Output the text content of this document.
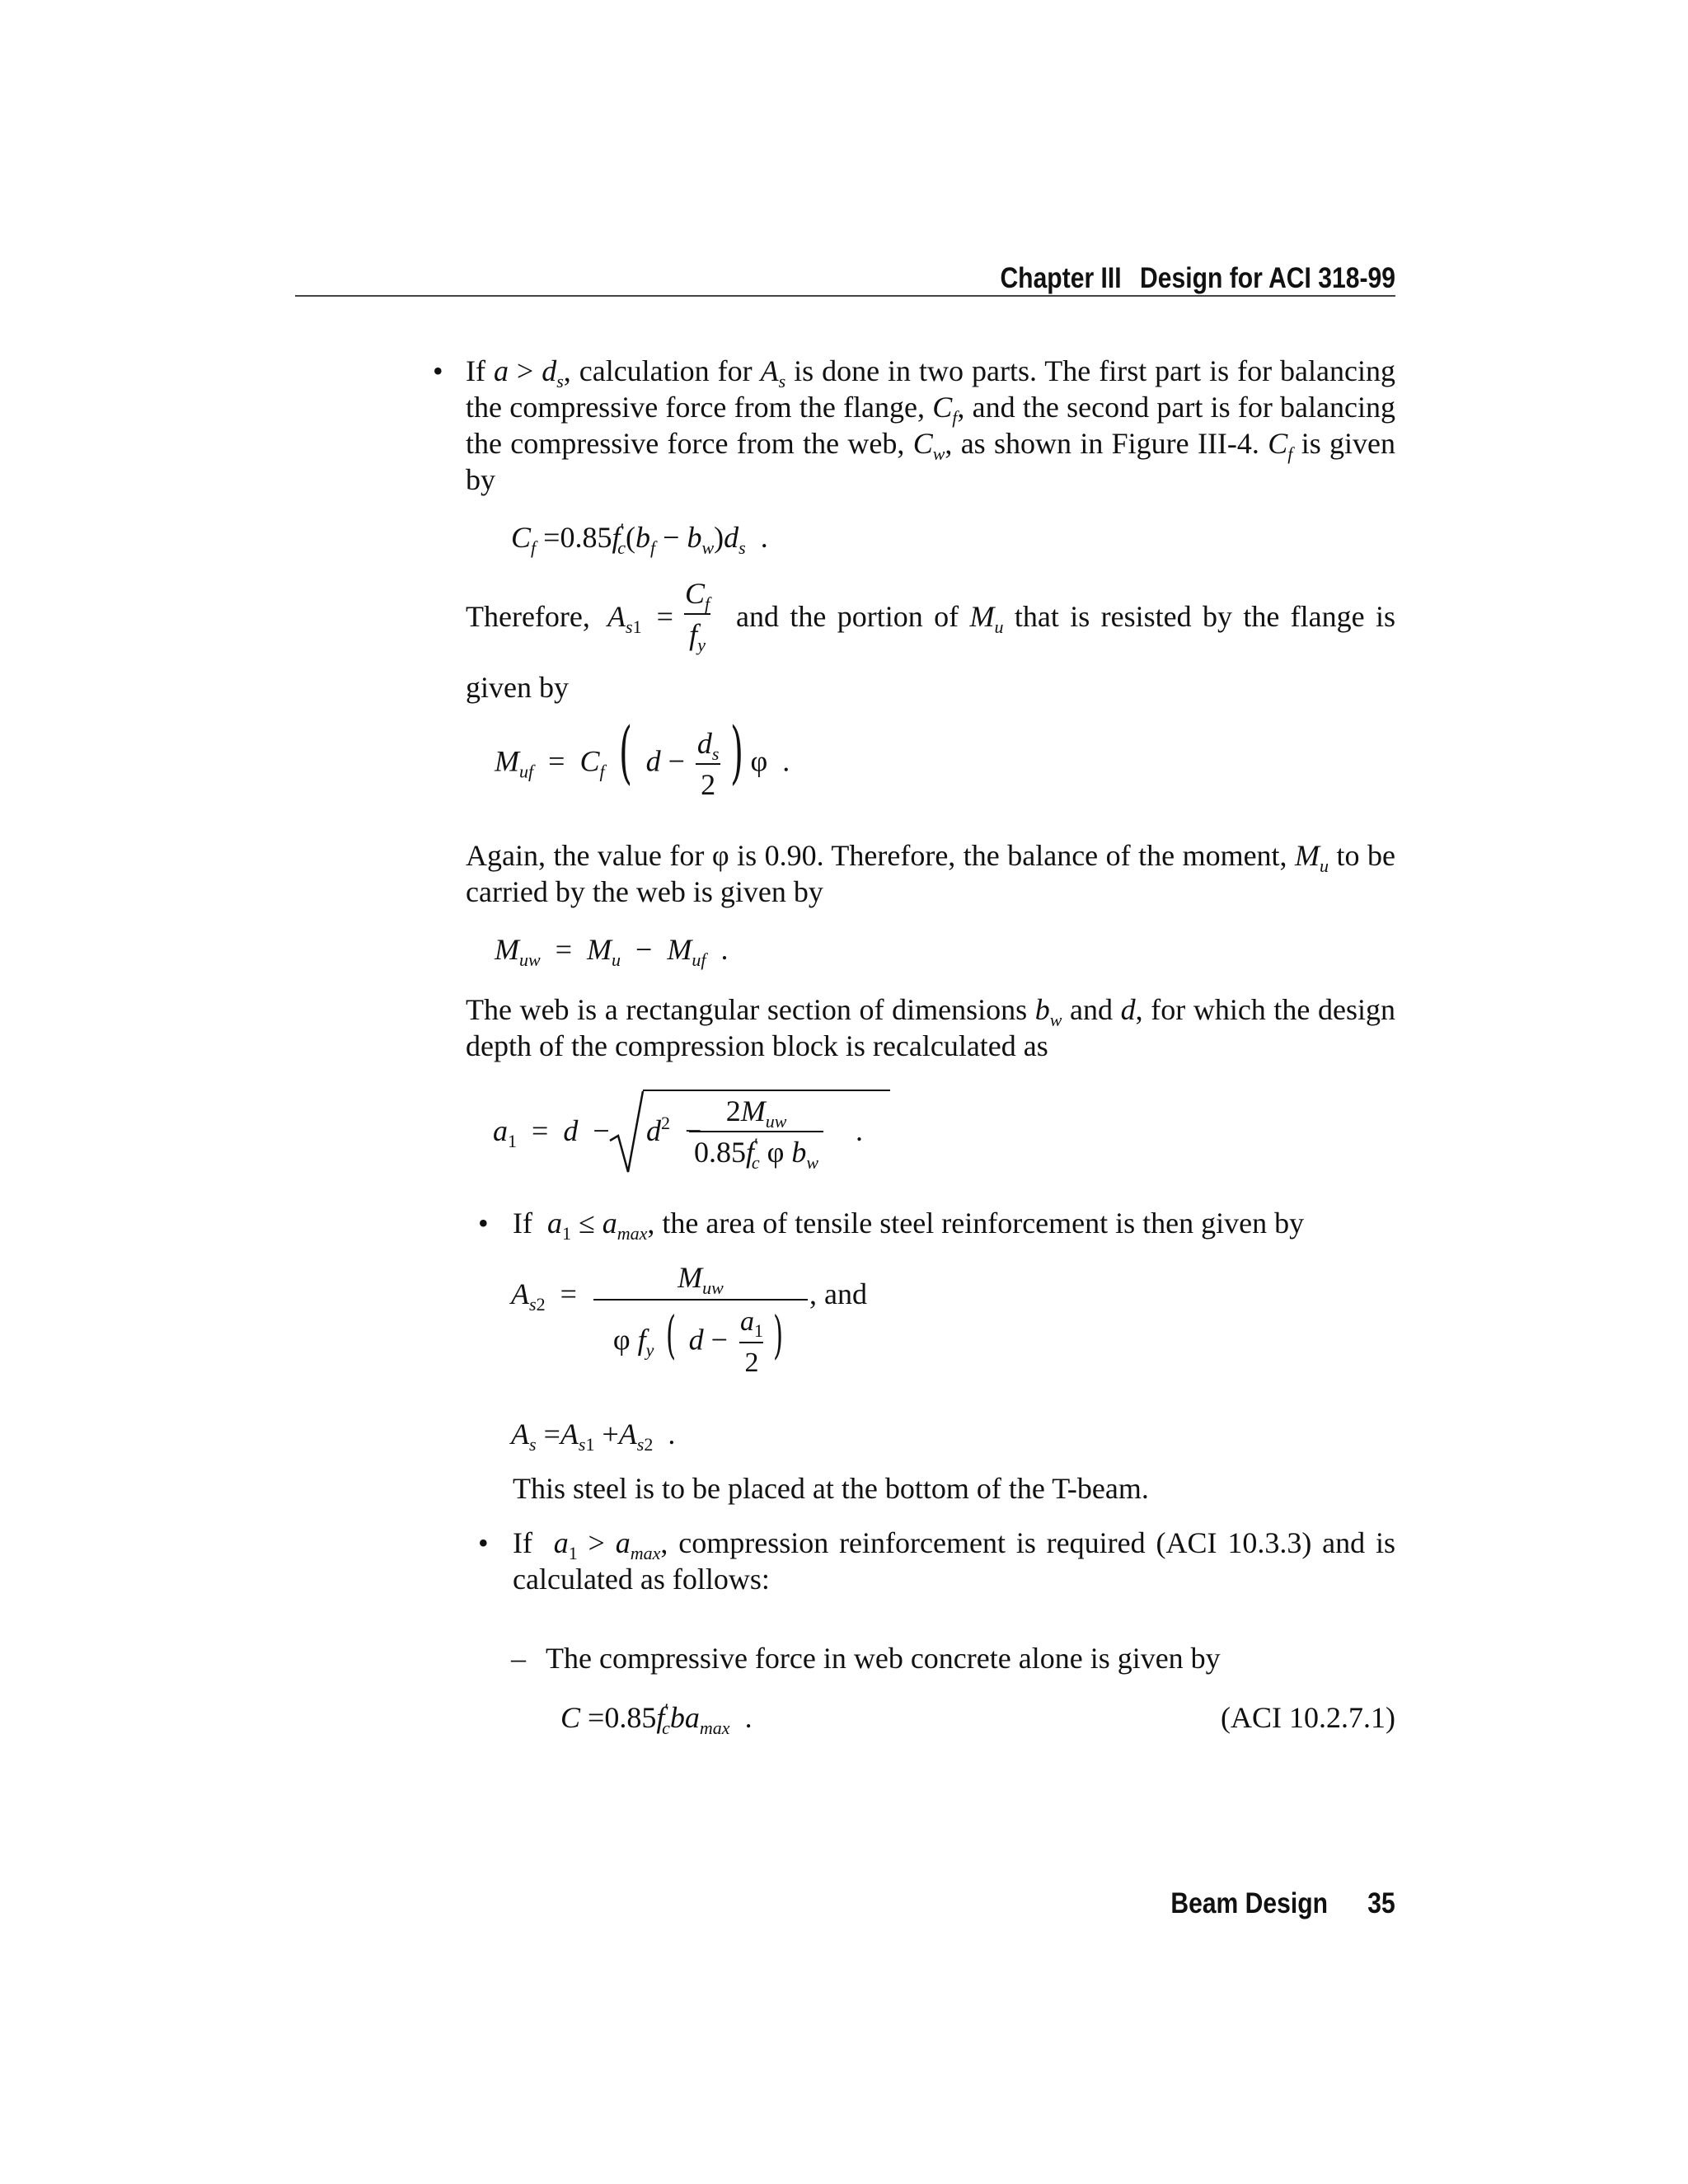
Chapter III Design for ACI 318-99
• If $a > d_s$, calculation for $A_s$ is done in two parts. The first part is for balancing
the compressive force from the flange, $C_f$, and the second part is for balancing
the compressive force from the web, $C_w$, as shown in Figure III-4. $C_f$ is given
by
$C_f =0.85f'_c(b_f - b_w)d_s$  .
Therefore, $A_{s1} = \frac{C_f}{f_y}$ and the portion of $M_u$ that is resisted by the flange is
given by
$M_{uf} = C_f$ ( $d - \frac{d_s}{2}$ ) φ  .
Again, the value for φ is 0.90. Therefore, the balance of the moment, $M_u$ to be
carried by the web is given by
$M_{uw} = M_u - M_{uf}$  .
The web is a rectangular section of dimensions $b_w$ and d, for which the design
depth of the compression block is recalculated as
$a_1 = d - d^2$  −
$\frac{2M_{uw}}{0.85f'_c \varphi b_w}$ .
• If $a_1 \le a_{max}$, the area of tensile steel reinforcement is then given by
$A_{s2}$  =	$M_{uw}$
φ $f_y$ ( $d - \frac{a_1}{2}$ )
, and
$A_s =A_{s1} +A_{s2}$  .
This steel is to be placed at the bottom of the T-beam.
• If $a_1 > a_{max}$, compression reinforcement is required (ACI 10.3.3) and is
calculated as follows:
– The compressive force in web concrete alone is given by
$C =0.85f'_cba_{max}$  .	(ACI 10.2.7.1)
Beam Design 35
